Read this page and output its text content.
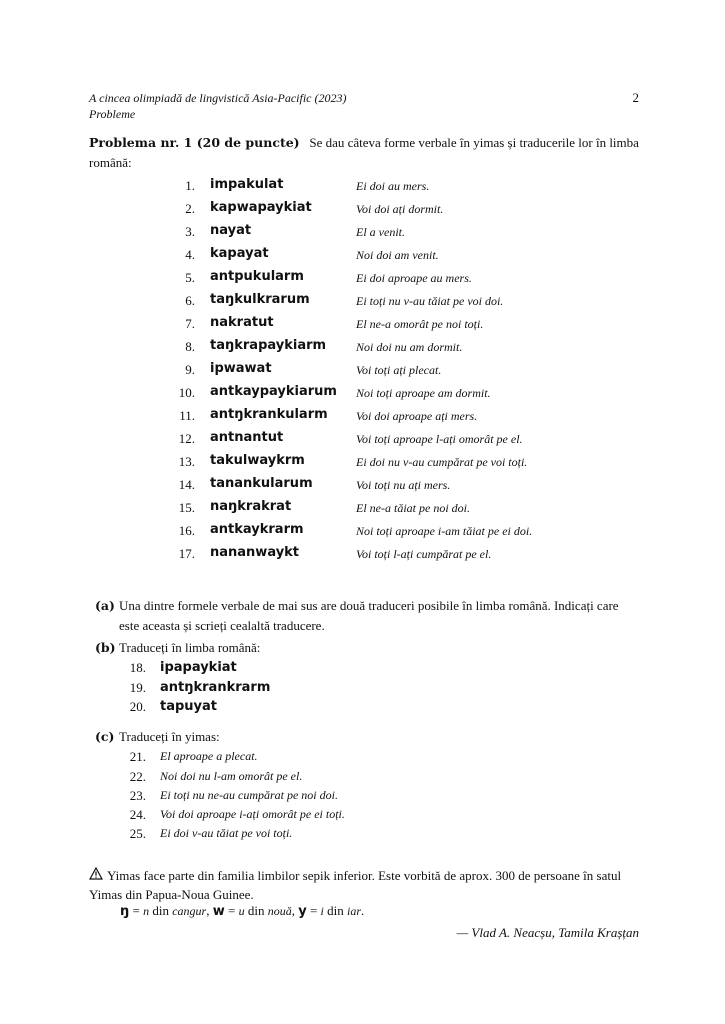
A cincea olimpiadă de lingvistică Asia-Pacific (2023)
Probleme
2
Problema nr. 1 (20 de puncte) Se dau câteva forme verbale în yimas și traducerile lor în limba română:
1. impakulat	Ei doi au mers.
2. kapwapaykiat	Voi doi ați dormit.
3. nayat	El a venit.
4. kapayat	Noi doi am venit.
5. antpukularm	Ei doi aproape au mers.
6. taŋkulkrarum	Ei toți nu v-au tăiat pe voi doi.
7. nakratut	El ne-a omorât pe noi toți.
8. taŋkrapaykiarm Noi doi nu am dormit.
9. ipwawat	Voi toți ați plecat.
10. antkaypaykiarum Noi toți aproape am dormit.
11. antŋkrankularm Voi doi aproape ați mers.
12. antnantut	Voi toți aproape l-ați omorât pe el.
13. takulwaykrm	Ei doi nu v-au cumpărat pe voi toți.
14. tanankularum	Voi toți nu ați mers.
15. naŋkrakrat	El ne-a tăiat pe noi doi.
16. antkaykrarm	Noi toți aproape i-am tăiat pe ei doi.
17. nananwaykt	Voi toți l-ați cumpărat pe el.
(a) Una dintre formele verbale de mai sus are două traduceri posibile în limba română. Indicați care este aceasta și scrieți cealaltă traducere.
(b) Traduceți în limba română:
18. ipapaykiat
19. antŋkrankrarm
20. tapuyat
(c) Traduceți în yimas:
21. El aproape a plecat.
22. Noi doi nu l-am omorât pe el.
23. Ei toți nu ne-au cumpărat pe noi doi.
24. Voi doi aproape i-ați omorât pe ei toți.
25. Ei doi v-au tăiat pe voi toți.
Yimas face parte din familia limbilor sepik inferior. Este vorbită de aprox. 300 de persoane în satul Yimas din Papua-Noua Guinee.
ŋ = n din cangur, w = u din nouă, y = i din iar.
— Vlad A. Neacșu, Tamila Krașțan
